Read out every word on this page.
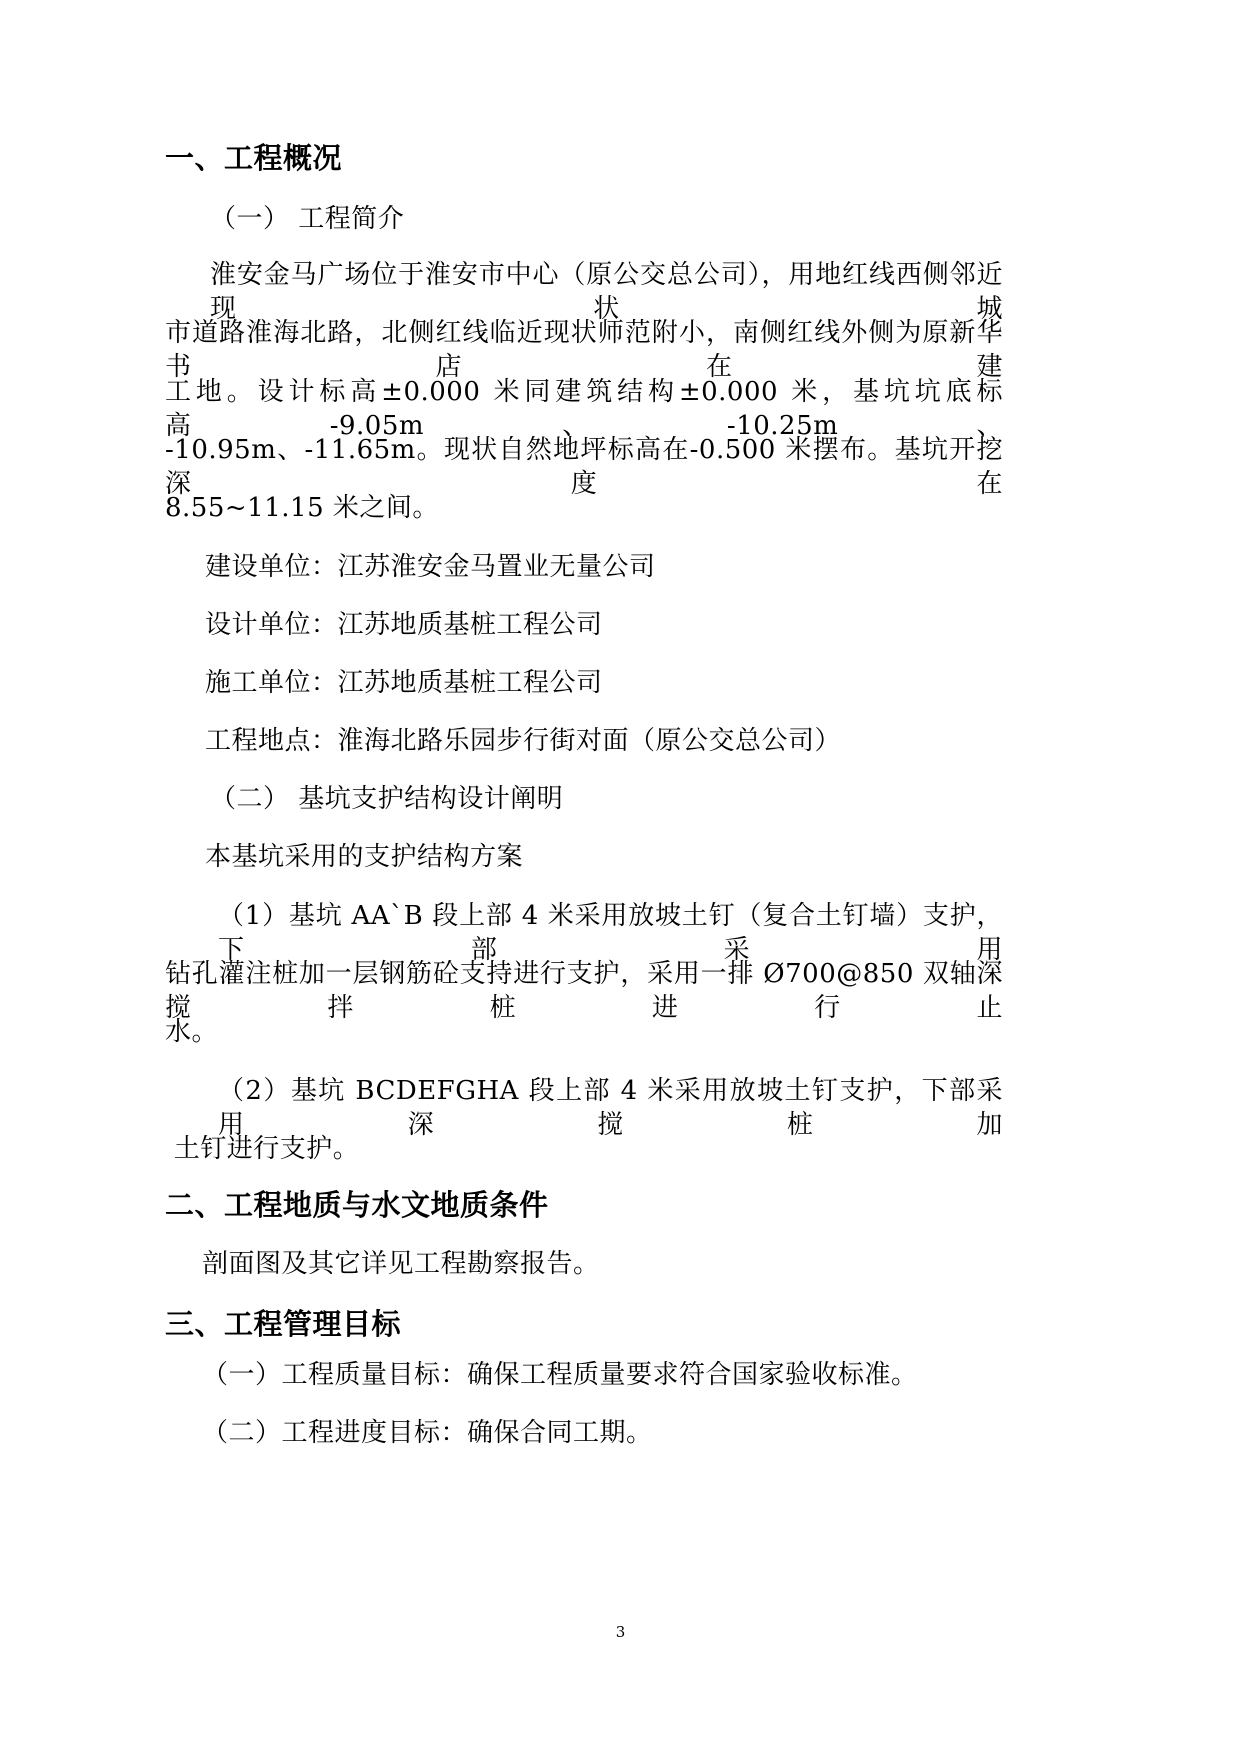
一、工程概况
（一） 工程简介
淮安金马广场位于淮安市中心（原公交总公司），用地红线西侧邻近现状城
市道路淮海北路，北侧红线临近现状师范附小，南侧红线外侧为原新华书店在建
工地。设计标高±0.000 米同建筑结构±0.000 米，基坑坑底标高-9.05m、-10.25m、
-10.95m、-11.65m。现状自然地坪标高在-0.500 米摆布。基坑开挖深度在
8.55~11.15 米之间。
建设单位：江苏淮安金马置业无量公司
设计单位：江苏地质基桩工程公司
施工单位：江苏地质基桩工程公司
工程地点：淮海北路乐园步行街对面（原公交总公司）
（二） 基坑支护结构设计阐明
本基坑采用的支护结构方案
（1）基坑 AA`B 段上部 4 米采用放坡土钉（复合土钉墙）支护，下部采用
钻孔灌注桩加一层钢筋砼支持进行支护，采用一排 Ø700@850 双轴深搅拌桩进行止
水。
（2）基坑 BCDEFGHA 段上部 4 米采用放坡土钉支护，下部采用深搅桩加
土钉进行支护。
二、工程地质与水文地质条件
剖面图及其它详见工程勘察报告。
三、工程管理目标
（一）工程质量目标：确保工程质量要求符合国家验收标准。
（二）工程进度目标：确保合同工期。
3
